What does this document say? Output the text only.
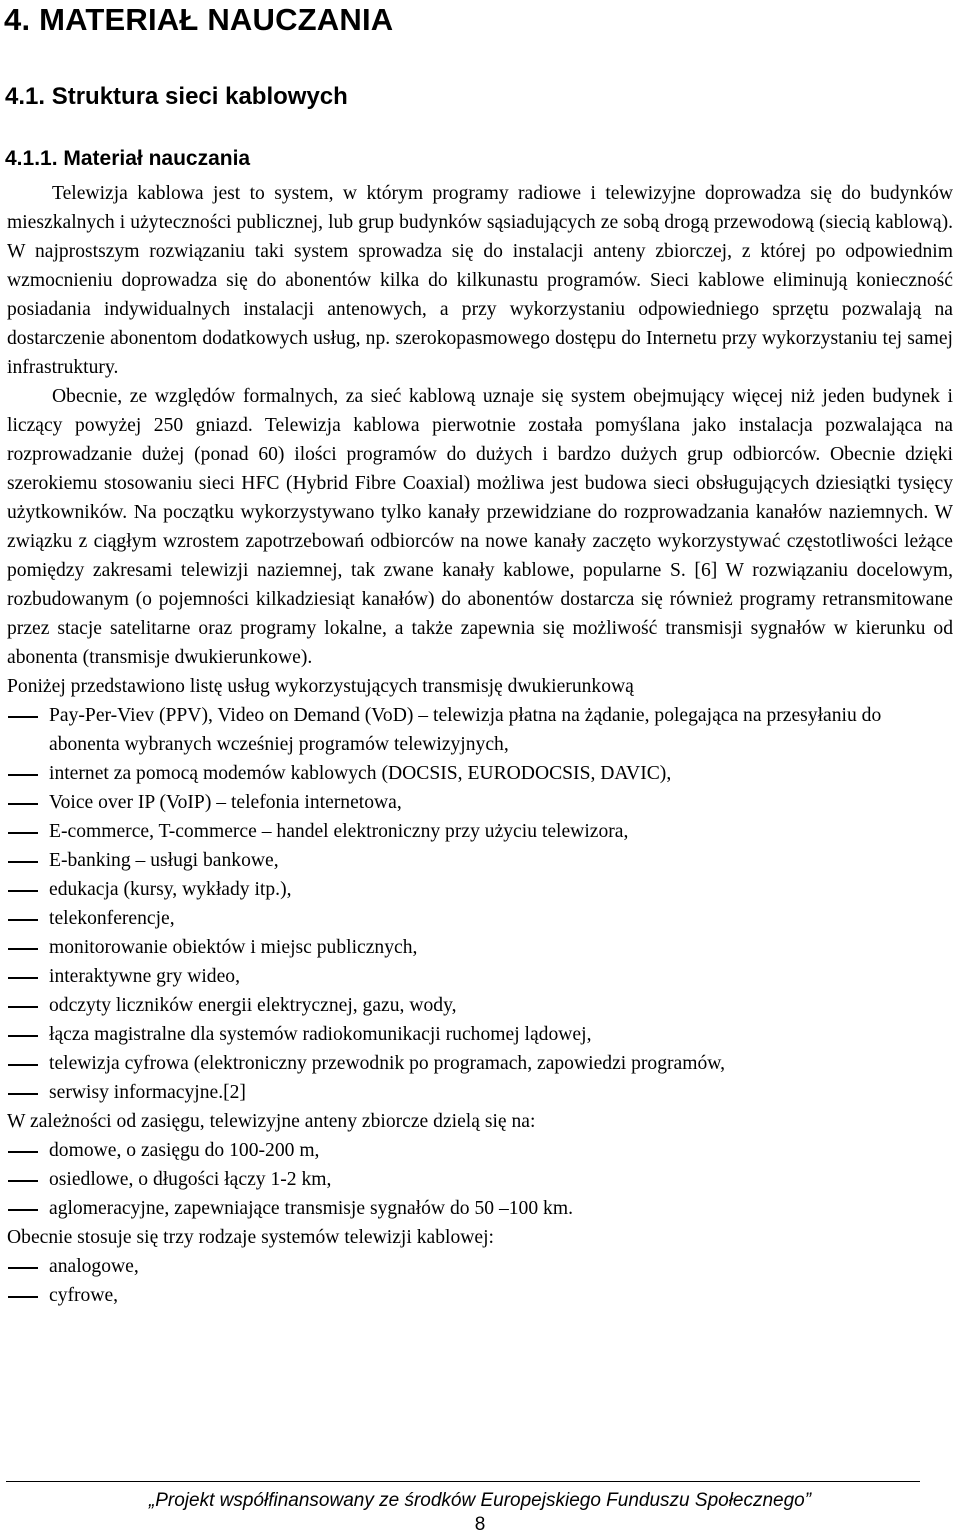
4. MATERIAŁ NAUCZANIA
4.1. Struktura sieci kablowych
4.1.1. Materiał nauczania

Telewizja kablowa jest to system, w którym programy radiowe i telewizyjne doprowadza się do budynków mieszkalnych i użyteczności publicznej, lub grup budynków sąsiadujących ze sobą drogą przewodową (siecią kablową). W najprostszym rozwiązaniu taki system sprowadza się do instalacji anteny zbiorczej, z której po odpowiednim wzmocnieniu doprowadza się do abonentów kilka do kilkunastu programów. Sieci kablowe eliminują konieczność posiadania indywidualnych instalacji antenowych, a przy wykorzystaniu odpowiedniego sprzętu pozwalają na dostarczenie abonentom dodatkowych usług, np. szerokopasmowego dostępu do Internetu przy wykorzystaniu tej samej infrastruktury.

Obecnie, ze względów formalnych, za sieć kablową uznaje się system obejmujący więcej niż jeden budynek i liczący powyżej 250 gniazd. Telewizja kablowa pierwotnie została pomyślana jako instalacja pozwalająca na rozprowadzanie dużej (ponad 60) ilości programów do dużych i bardzo dużych grup odbiorców. Obecnie dzięki szerokiemu stosowaniu sieci HFC (Hybrid Fibre Coaxial) możliwa jest budowa sieci obsługujących dziesiątki tysięcy użytkowników. Na początku wykorzystywano tylko kanały przewidziane do rozprowadzania kanałów naziemnych. W związku z ciągłym wzrostem zapotrzebowań odbiorców na nowe kanały zaczęto wykorzystywać częstotliwości leżące pomiędzy zakresami telewizji naziemnej, tak zwane kanały kablowe, popularne S. [6] W rozwiązaniu docelowym, rozbudowanym (o pojemności kilkadziesiąt kanałów) do abonentów dostarcza się również programy retransmitowane przez stacje satelitarne oraz programy lokalne, a także zapewnia się możliwość transmisji sygnałów w kierunku od abonenta (transmisje dwukierunkowe).

Poniżej przedstawiono listę usług wykorzystujących transmisję dwukierunkową

Pay-Per-Viev (PPV), Video on Demand (VoD) – telewizja płatna na żądanie, polegająca na przesyłaniu do abonenta wybranych wcześniej programów telewizyjnych,
internet za pomocą modemów kablowych (DOCSIS, EURODOCSIS, DAVIC),
Voice over IP (VoIP) – telefonia internetowa,
E-commerce, T-commerce – handel elektroniczny przy użyciu telewizora,
E-banking – usługi bankowe,
edukacja (kursy, wykłady itp.),
telekonferencje,
monitorowanie obiektów i miejsc publicznych,
interaktywne gry wideo,
odczyty liczników energii elektrycznej, gazu, wody,
łącza magistralne dla systemów radiokomunikacji ruchomej lądowej,
telewizja cyfrowa (elektroniczny przewodnik po programach, zapowiedzi programów,
serwisy informacyjne.[2]

W zależności od zasięgu, telewizyjne anteny zbiorcze dzielą się na:

domowe, o zasięgu do 100-200 m,
osiedlowe, o długości łączy 1-2 km,
aglomeracyjne, zapewniające transmisje sygnałów do 50 –100 km.

Obecnie stosuje się trzy rodzaje systemów telewizji kablowej:

analogowe,
cyfrowe,
„Projekt współfinansowany ze środków Europejskiego Funduszu Społecznego”
8
